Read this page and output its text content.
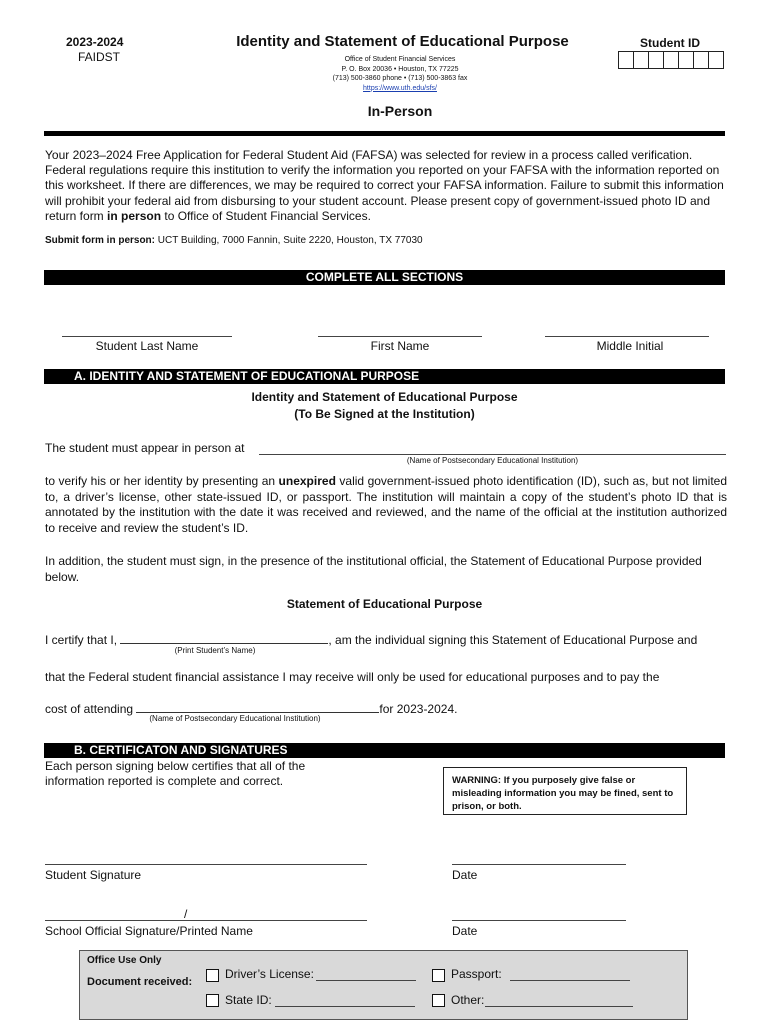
2023-2024
FAIDST
Identity and Statement of Educational Purpose
Office of Student Financial Services
P. O. Box 20036 • Houston, TX 77225
(713) 500-3860 phone • (713) 500-3863 fax
https://www.uth.edu/sfs/
Student ID
In-Person

Your 2023–2024 Free Application for Federal Student Aid (FAFSA) was selected for review in a process called verification. Federal regulations require this institution to verify the information you reported on your FAFSA with the information reported on this worksheet. If there are differences, we may be required to correct your FAFSA information. Failure to submit this information will prohibit your federal aid from disbursing to your student account. Please present copy of government-issued photo ID and return form in person to Office of Student Financial Services.

Submit form in person: UCT Building, 7000 Fannin, Suite 2220, Houston, TX 77030
COMPLETE ALL SECTIONS
Student Last Name	First Name	Middle Initial
A. IDENTITY AND STATEMENT OF EDUCATIONAL PURPOSE
Identity and Statement of Educational Purpose
(To Be Signed at the Institution)
The student must appear in person at
(Name of Postsecondary Educational Institution)

to verify his or her identity by presenting an unexpired valid government-issued photo identification (ID), such as, but not limited to, a driver’s license, other state-issued ID, or passport. The institution will maintain a copy of the student’s photo ID that is annotated by the institution with the date it was received and reviewed, and the name of the official at the institution authorized to receive and review the student’s ID.

In addition, the student must sign, in the presence of the institutional official, the Statement of Educational Purpose provided below.

Statement of Educational Purpose
I certify that I,	, am the individual signing this Statement of Educational Purpose and
(Print Student’s Name)
that the Federal student financial assistance I may receive will only be used for educational purposes and to pay the
cost of attending	for 2023-2024.
(Name of Postsecondary Educational Institution)
B. CERTIFICATON AND SIGNATURES

Each person signing below certifies that all of the information reported is complete and correct.	WARNING: If you purposely give false or misleading information you may be fined, sent to prison, or both.
Student Signature	Date
/
School Official Signature/Printed Name	Date
Office Use Only
Document received:
Driver’s License:	Passport:
State ID:	Other:
